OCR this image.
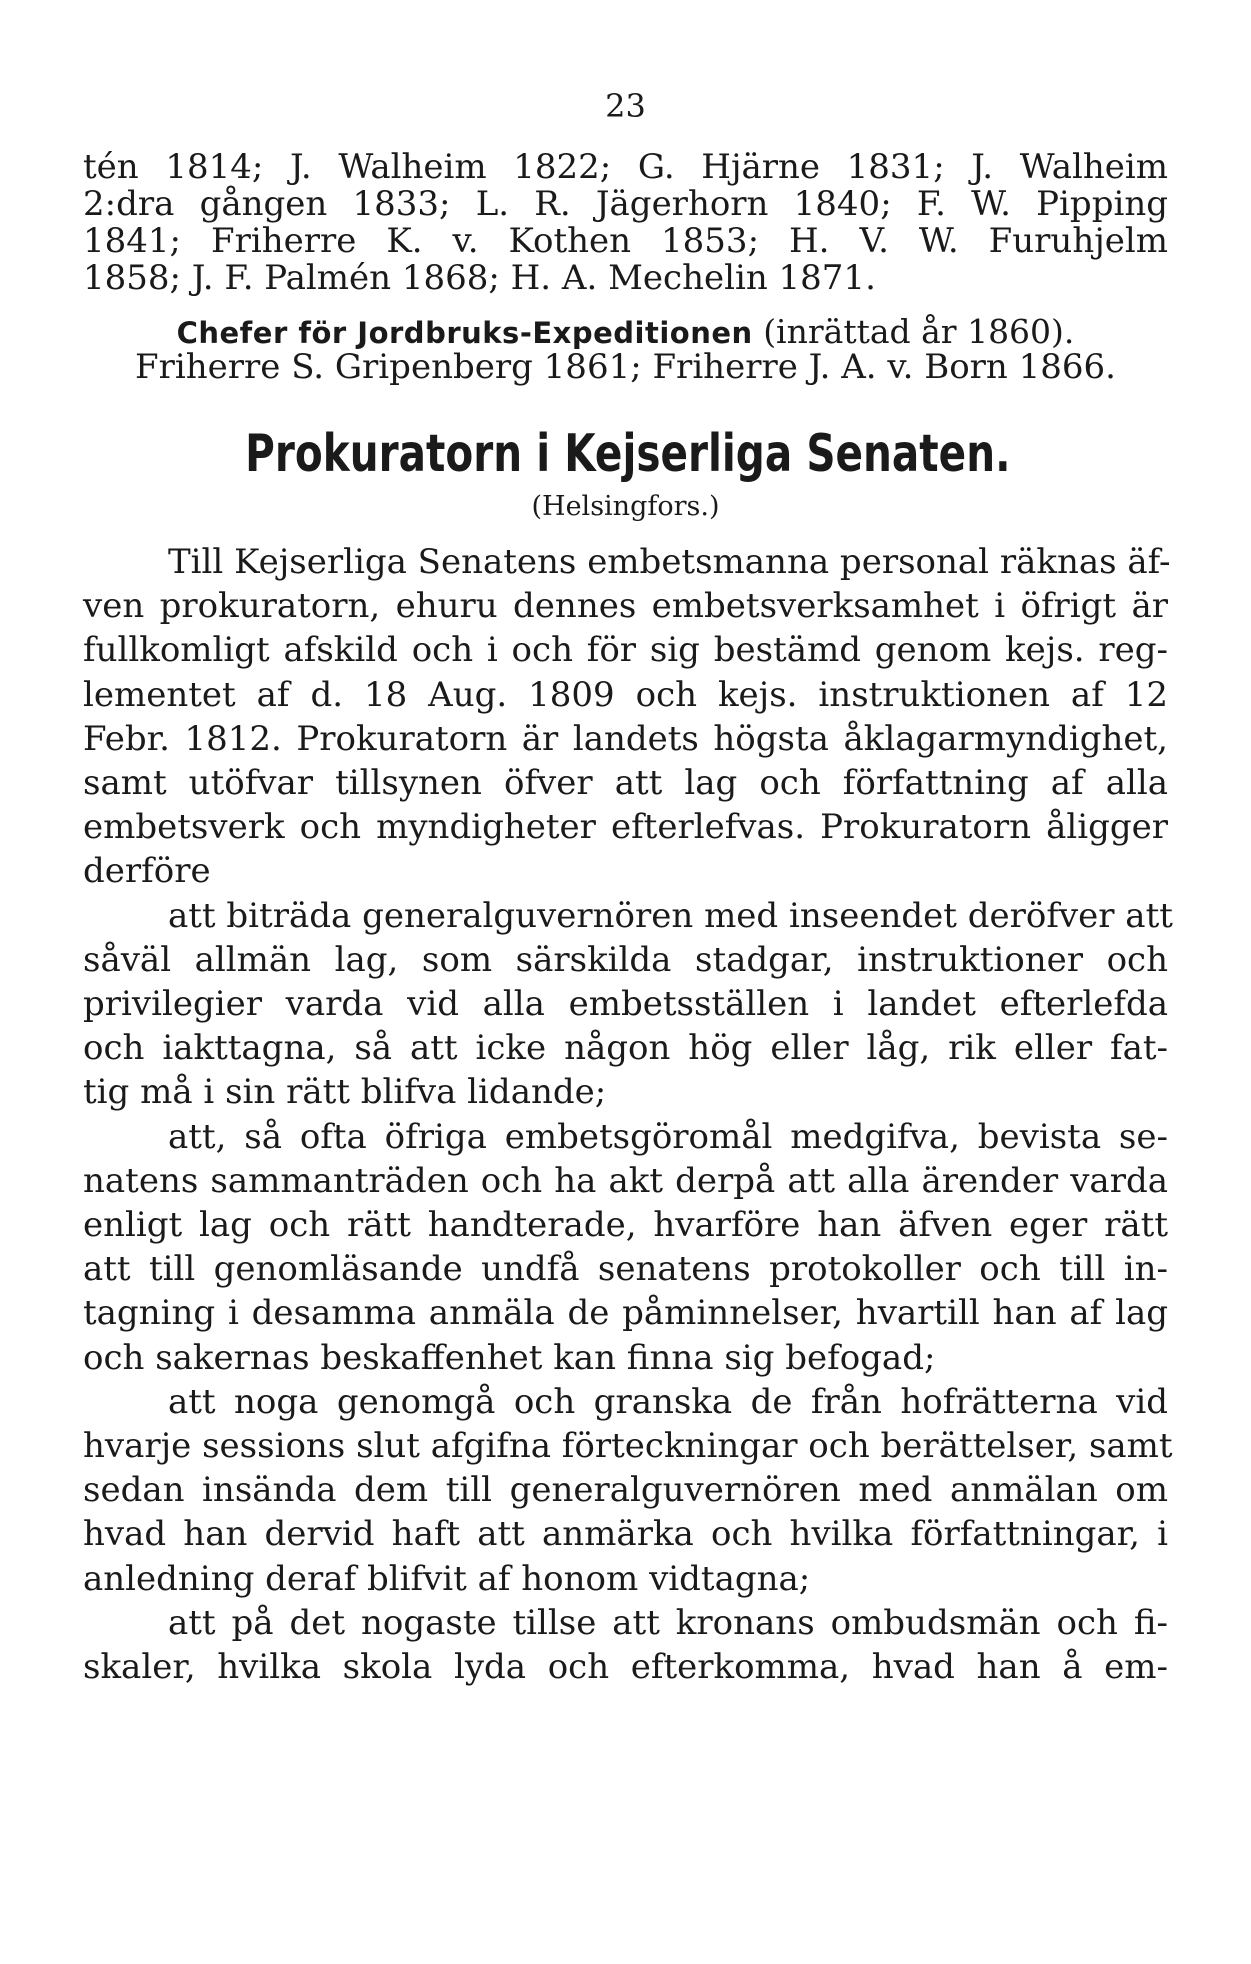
23
tén 1814; J. Walheim 1822; G. Hjärne 1831; J. Walheim
2:dra gången 1833; L. R. Jägerhorn 1840; F. W. Pipping
1841; Friherre K. v. Kothen 1853; H. V. W. Furuhjelm
1858; J. F. Palmén 1868; H. A. Mechelin 1871.
Chefer för Jordbruks-Expeditionen (inrättad år 1860).
Friherre S. Gripenberg 1861; Friherre J. A. v. Born 1866.
Prokuratorn i Kejserliga Senaten.
(Helsingfors.)
Till Kejserliga Senatens embetsmanna personal räknas äf-
ven prokuratorn, ehuru dennes embetsverksamhet i öfrigt är
fullkomligt afskild och i och för sig bestämd genom kejs. reg-
lementet af d. 18 Aug. 1809 och kejs. instruktionen af 12
Febr. 1812. Prokuratorn är landets högsta åklagarmyndighet,
samt utöfvar tillsynen öfver att lag och författning af alla
embetsverk och myndigheter efterlefvas. Prokuratorn åligger
derföre
att biträda generalguvernören med inseendet deröfver att
såväl allmän lag, som särskilda stadgar, instruktioner och
privilegier varda vid alla embetsställen i landet efterlefda
och iakttagna, så att icke någon hög eller låg, rik eller fat-
tig må i sin rätt blifva lidande;
att, så ofta öfriga embetsgöromål medgifva, bevista se-
natens sammanträden och ha akt derpå att alla ärender varda
enligt lag och rätt handterade, hvarföre han äfven eger rätt
att till genomläsande undfå senatens protokoller och till in-
tagning i desamma anmäla de påminnelser, hvartill han af lag
och sakernas beskaffenhet kan finna sig befogad;
att noga genomgå och granska de från hofrätterna vid
hvarje sessions slut afgifna förteckningar och berättelser, samt
sedan insända dem till generalguvernören med anmälan om
hvad han dervid haft att anmärka och hvilka författningar, i
anledning deraf blifvit af honom vidtagna;
att på det nogaste tillse att kronans ombudsmän och fi-
skaler, hvilka skola lyda och efterkomma, hvad han å em-
